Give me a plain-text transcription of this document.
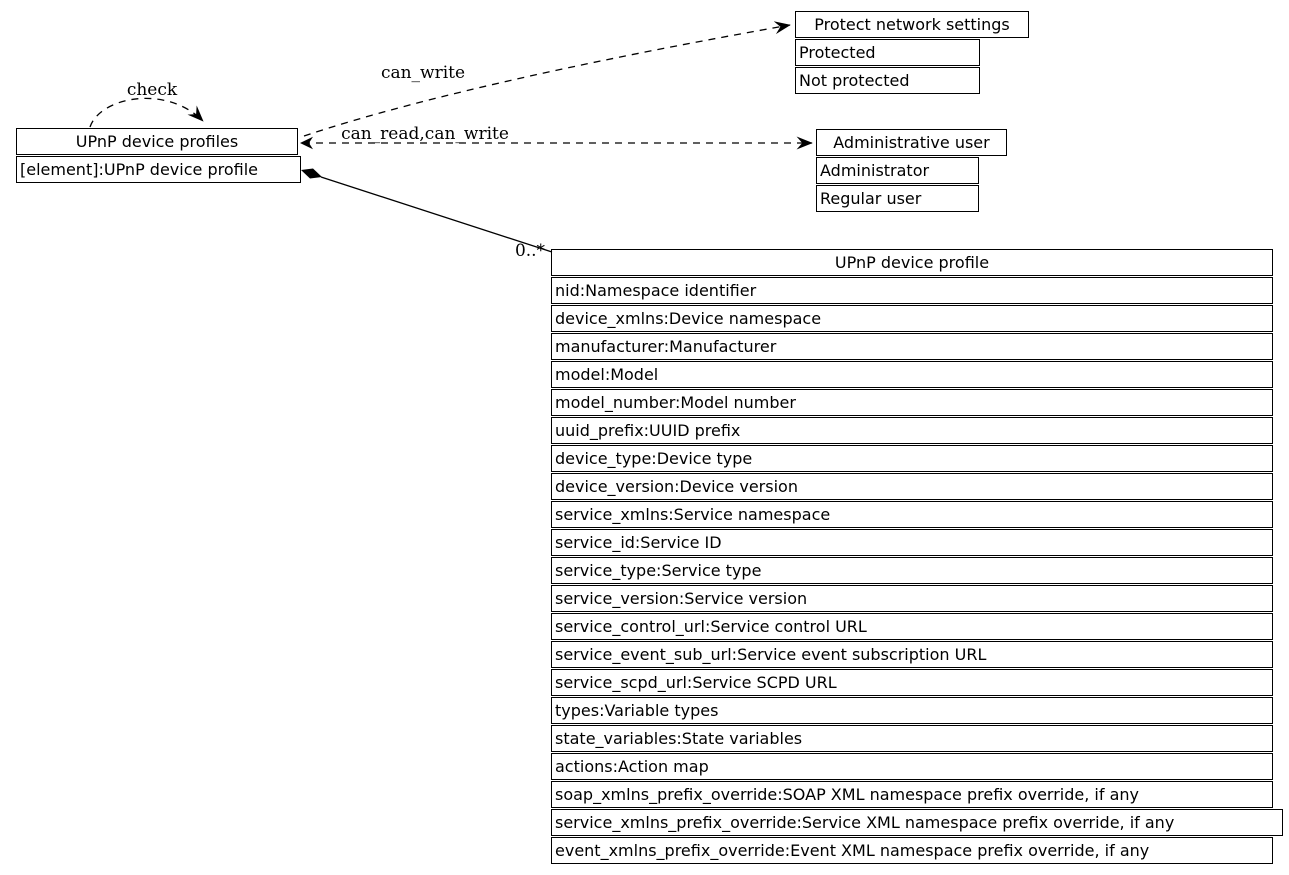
UPnP device profiles
[element]:UPnP device profile
Protect network settings
Protected
Not protected
Administrative user
Administrator
Regular user
UPnP device profile
nid:Namespace identifier
device_xmlns:Device namespace
manufacturer:Manufacturer
model:Model
model_number:Model number
uuid_prefix:UUID prefix
device_type:Device type
device_version:Device version
service_xmlns:Service namespace
service_id:Service ID
service_type:Service type
service_version:Service version
service_control_url:Service control URL
service_event_sub_url:Service event subscription URL
service_scpd_url:Service SCPD URL
types:Variable types
state_variables:State variables
actions:Action map
soap_xmlns_prefix_override:SOAP XML namespace prefix override, if any
service_xmlns_prefix_override:Service XML namespace prefix override, if any
event_xmlns_prefix_override:Event XML namespace prefix override, if any
check
can_write
can_read,can_write
0..*
